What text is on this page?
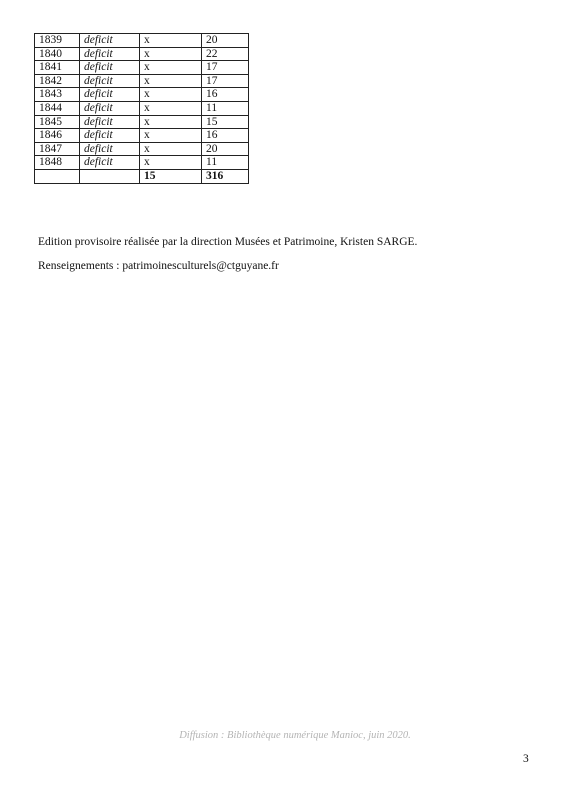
1839	deficit	x	20
1840	deficit	x	22
1841	deficit	x	17
1842	deficit	x	17
1843	deficit	x	16
1844	deficit	x	11
1845	deficit	x	15
1846	deficit	x	16
1847	deficit	x	20
1848	deficit	x	11
		15	316
Edition provisoire réalisée par la direction Musées et Patrimoine, Kristen SARGE.
Renseignements : patrimoinesculturels@ctguyane.fr
Diffusion : Bibliothèque numérique Manioc, juin 2020.
3
